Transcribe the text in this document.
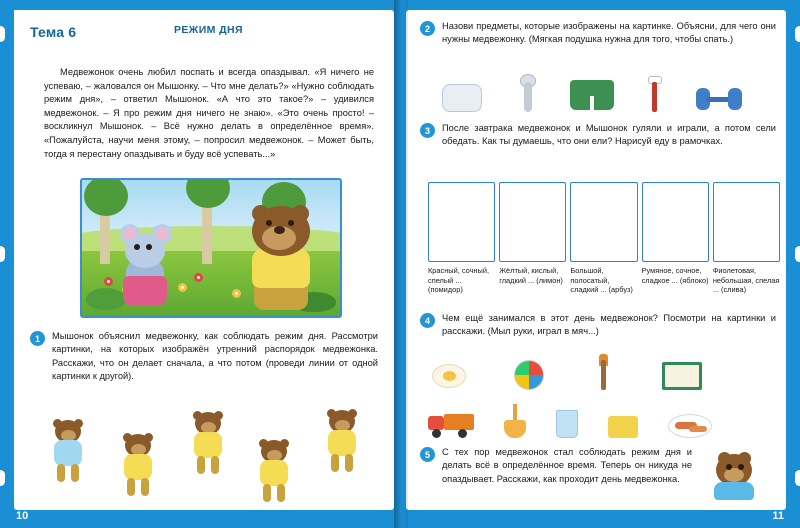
Тема 6	РЕЖИМ ДНЯ
Медвежонок очень любил поспать и всегда опаздывал. «Я ничего не успеваю, – жаловался он Мышонку. – Что мне делать?» «Нужно соблюдать режим дня», – ответил Мышонок. «А что это такое?» – удивился медвежонок. – Я про режим дня ничего не знаю». «Это очень просто! – воскликнул Мышонок. – Всё нужно делать в определённое время». «Пожалуйста, научи меня этому, – попросил медвежонок. – Может быть, тогда я перестану опаздывать и буду всё успевать...»
1	Мышонок объяснил медвежонку, как соблюдать режим дня. Рассмотри картинки, на которых изображён утренний распорядок медвежонка. Расскажи, что он делает сначала, а что потом (проведи линии от одной картинки к другой).
10
2	Назови предметы, которые изображены на картинке. Объясни, для чего они нужны медвежонку. (Мягкая подушка нужна для того, чтобы спать.)
3	После завтрака медвежонок и Мышонок гуляли и играли, а потом сели обедать. Как ты думаешь, что они ели? Нарисуй еду в рамочках.
Красный, сочный, спелый ... (помидор)
Жёлтый, кислый, гладкий ... (лимон)
Большой, полосатый, сладкий ... (арбуз)
Румяное, сочное, сладкое ... (яблоко)
Фиолетовая, небольшая, спелая ... (слива)
4	Чем ещё занимался в этот день медвежонок? Посмотри на картинки и расскажи. (Мыл руки, играл в мяч...)
5	С тех пор медвежонок стал соблюдать режим дня и делать всё в определённое время. Теперь он никуда не опаздывает. Расскажи, как проходит день медвежонка.
11
